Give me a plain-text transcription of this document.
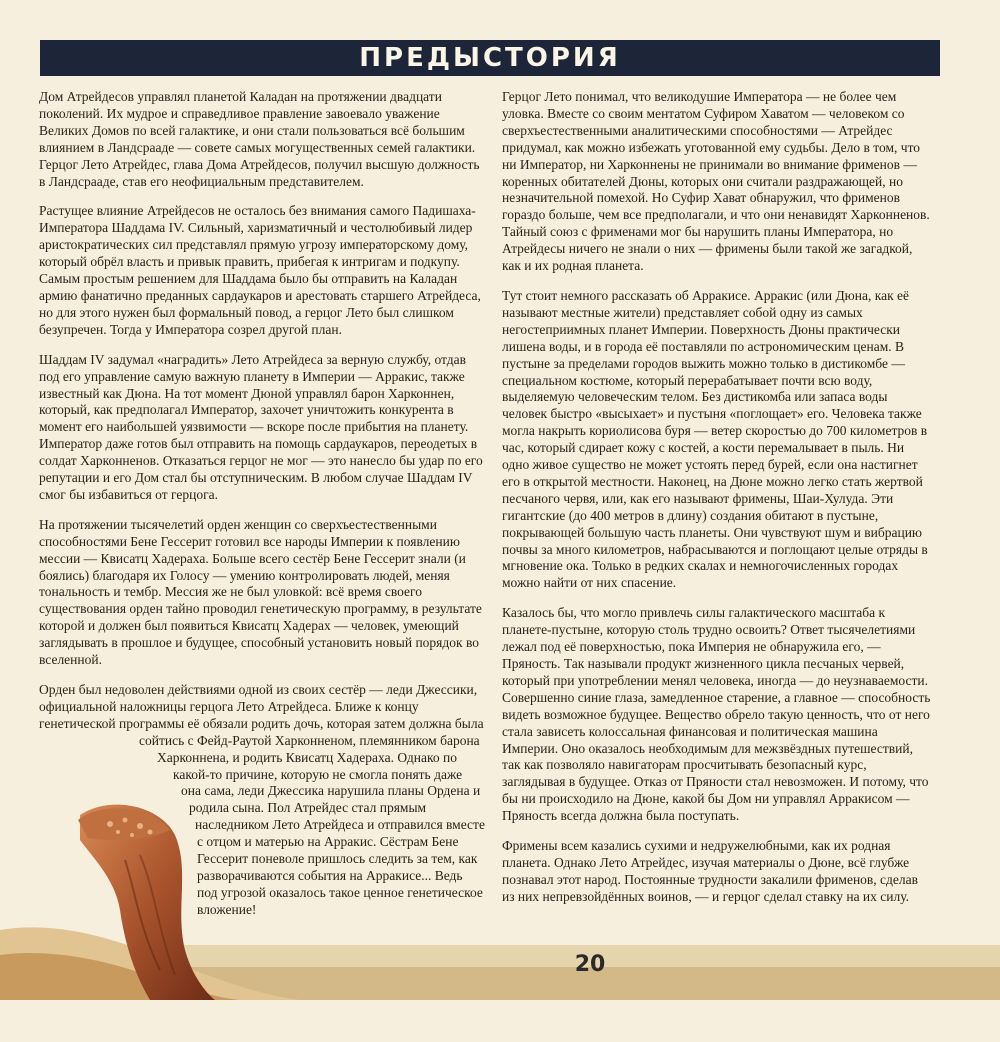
ПРЕДЫСТОРИЯ

Дом Атрейдесов управлял планетой Каладан на протяжении двадцати поколений. Их мудрое и справедливое правление завоевало уважение Великих Домов по всей галактике, и они стали пользоваться всё большим влиянием в Ландсрааде — совете самых могущественных семей галактики. Герцог Лето Атрейдес, глава Дома Атрейдесов, получил высшую должность в Ландсрааде, став его неофициальным представителем.

Растущее влияние Атрейдесов не осталось без внимания самого Падишаха-Императора Шаддама IV. Сильный, харизматичный и честолюбивый лидер аристократических сил представлял прямую угрозу императорскому дому, который обрёл власть и привык править, прибегая к интригам и подкупу. Самым простым решением для Шаддама было бы отправить на Каладан армию фанатично преданных сардаукаров и арестовать старшего Атрейдеса, но для этого нужен был формальный повод, а герцог Лето был слишком безупречен. Тогда у Императора созрел другой план.

Шаддам IV задумал «наградить» Лето Атрейдеса за верную службу, отдав под его управление самую важную планету в Империи — Арракис, также известный как Дюна. На тот момент Дюной управлял барон Харконнен, который, как предполагал Император, захочет уничтожить конкурента в момент его наибольшей уязвимости — вскоре после прибытия на планету. Император даже готов был отправить на помощь сардаукаров, переодетых в солдат Харконненов. Отказаться герцог не мог — это нанесло бы удар по его репутации и его Дом стал бы отступническим. В любом случае Шаддам IV смог бы избавиться от герцога.

На протяжении тысячелетий орден женщин со сверхъестественными способностями Бене Гессерит готовил все народы Империи к появлению мессии — Квисатц Хадераха. Больше всего сестёр Бене Гессерит знали (и боялись) благодаря их Голосу — умению контролировать людей, меняя тональность и тембр. Мессия же не был уловкой: всё время своего существования орден тайно проводил генетическую программу, в результате которой и должен был появиться Квисатц Хадерах — человек, умеющий заглядывать в прошлое и будущее, способный установить новый порядок во вселенной.

Орден был недоволен действиями одной из своих сестёр — леди Джессики, официальной наложницы герцога Лето Атрейдеса. Ближе к концу генетической программы её обязали родить дочь, которая затем должна была сойтись с Фейд-Раутой Харконненом, племянником барона Харконнена, и родить Квисатц Хадераха. Однако по какой-то причине, которую не смогла понять даже она сама, леди Джессика нарушила планы Ордена и родила сына. Пол Атрейдес стал прямым наследником Лето Атрейдеса и отправился вместе с отцом и матерью на Арракис. Сёстрам Бене Гессерит поневоле пришлось следить за тем, как разворачиваются события на Арракисе... Ведь под угрозой оказалось такое ценное генетическое вложение!

Герцог Лето понимал, что великодушие Императора — не более чем уловка. Вместе со своим ментатом Суфиром Хаватом — человеком со сверхъестественными аналитическими способностями — Атрейдес придумал, как можно избежать уготованной ему судьбы. Дело в том, что ни Император, ни Харконнены не принимали во внимание фрименов — коренных обитателей Дюны, которых они считали раздражающей, но незначительной помехой. Но Суфир Хават обнаружил, что фрименов гораздо больше, чем все предполагали, и что они ненавидят Харконненов. Тайный союз с фрименами мог бы нарушить планы Императора, но Атрейдесы ничего не знали о них — фримены были такой же загадкой, как и их родная планета.

Тут стоит немного рассказать об Арракисе. Арракис (или Дюна, как её называют местные жители) представляет собой одну из самых негостеприимных планет Империи. Поверхность Дюны практически лишена воды, и в города её поставляли по астрономическим ценам. В пустыне за пределами городов выжить можно только в дистикомбе — специальном костюме, который перерабатывает почти всю воду, выделяемую человеческим телом. Без дистикомба или запаса воды человек быстро «высыхает» и пустыня «поглощает» его. Человека также могла накрыть кориолисова буря — ветер скоростью до 700 километров в час, который сдирает кожу с костей, а кости перемалывает в пыль. Ни одно живое существо не может устоять перед бурей, если она настигнет его в открытой местности. Наконец, на Дюне можно легко стать жертвой песчаного червя, или, как его называют фримены, Шаи-Хулуда. Эти гигантские (до 400 метров в длину) создания обитают в пустыне, покрывающей большую часть планеты. Они чувствуют шум и вибрацию почвы за много километров, набрасываются и поглощают целые отряды в мгновение ока. Только в редких скалах и немногочисленных городах можно найти от них спасение.

Казалось бы, что могло привлечь силы галактического масштаба к планете-пустыне, которую столь трудно освоить? Ответ тысячелетиями лежал под её поверхностью, пока Империя не обнаружила его, — Пряность. Так называли продукт жизненного цикла песчаных червей, который при употреблении менял человека, иногда — до неузнаваемости. Совершенно синие глаза, замедленное старение, а главное — способность видеть возможное будущее. Вещество обрело такую ценность, что от него стала зависеть колоссальная финансовая и политическая машина Империи. Оно оказалось необходимым для межзвёздных путешествий, так как позволяло навигаторам просчитывать безопасный курс, заглядывая в будущее. Отказ от Пряности стал невозможен. И потому, что бы ни происходило на Дюне, какой бы Дом ни управлял Арракисом — Пряность всегда должна была поступать.

Фримены всем казались сухими и недружелюбными, как их родная планета. Однако Лето Атрейдес, изучая материалы о Дюне, всё глубже познавал этот народ. Постоянные трудности закалили фрименов, сделав из них непревзойдённых воинов, — и герцог сделал ставку на их силу.

20
